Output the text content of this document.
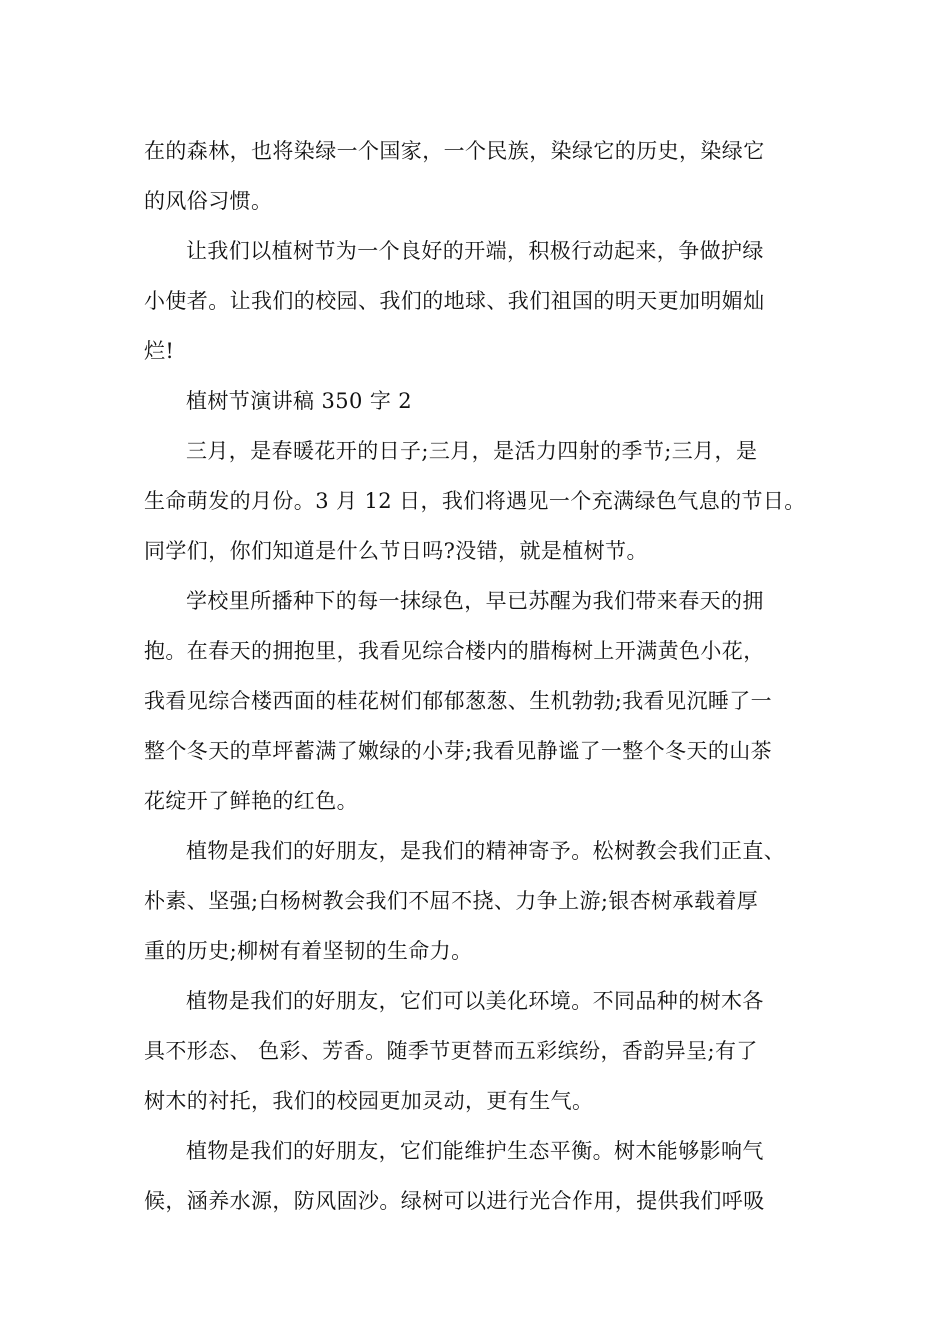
在的森林，也将染绿一个国家，一个民族，染绿它的历史，染绿它
的风俗习惯。
让我们以植树节为一个良好的开端，积极行动起来，争做护绿
小使者。让我们的校园、我们的地球、我们祖国的明天更加明媚灿
烂!
植树节演讲稿 350 字 2
三月，是春暖花开的日子;三月，是活力四射的季节;三月，是
生命萌发的月份。3 月 12 日，我们将遇见一个充满绿色气息的节日。
同学们，你们知道是什么节日吗?没错，就是植树节。
学校里所播种下的每一抹绿色，早已苏醒为我们带来春天的拥
抱。在春天的拥抱里，我看见综合楼内的腊梅树上开满黄色小花，
我看见综合楼西面的桂花树们郁郁葱葱、生机勃勃;我看见沉睡了一
整个冬天的草坪蓄满了嫩绿的小芽;我看见静谧了一整个冬天的山茶
花绽开了鲜艳的红色。
植物是我们的好朋友，是我们的精神寄予。松树教会我们正直、
朴素、坚强;白杨树教会我们不屈不挠、力争上游;银杏树承载着厚
重的历史;柳树有着坚韧的生命力。
植物是我们的好朋友，它们可以美化环境。不同品种的树木各
具不形态、 色彩、芳香。随季节更替而五彩缤纷，香韵异呈;有了
树木的衬托，我们的校园更加灵动，更有生气。
植物是我们的好朋友，它们能维护生态平衡。树木能够影响气
候，涵养水源，防风固沙。绿树可以进行光合作用，提供我们呼吸
